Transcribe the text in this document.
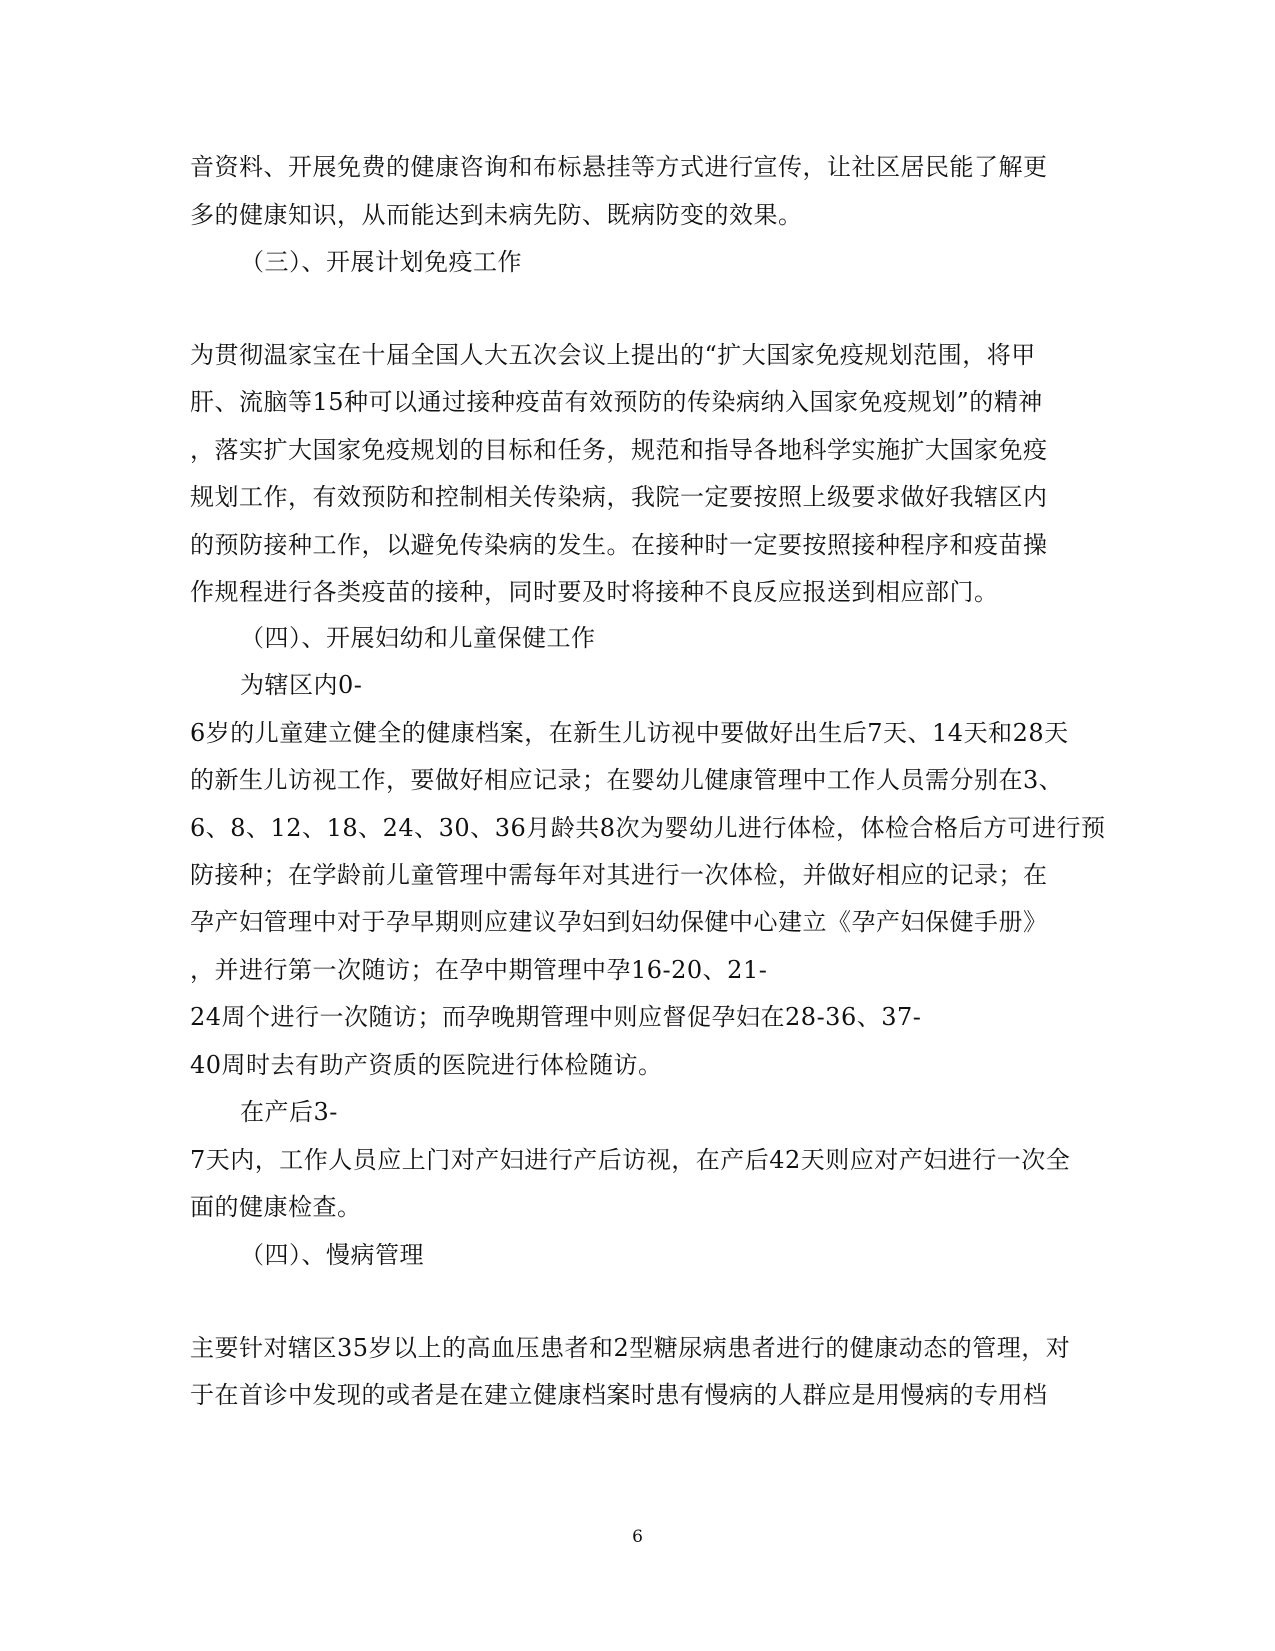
音资料、开展免费的健康咨询和布标悬挂等方式进行宣传，让社区居民能了解更
多的健康知识，从而能达到未病先防、既病防变的效果。
（三）、开展计划免疫工作
为贯彻温家宝在十届全国人大五次会议上提出的“扩大国家免疫规划范围，将甲
肝、流脑等15种可以通过接种疫苗有效预防的传染病纳入国家免疫规划”的精神
，落实扩大国家免疫规划的目标和任务，规范和指导各地科学实施扩大国家免疫
规划工作，有效预防和控制相关传染病，我院一定要按照上级要求做好我辖区内
的预防接种工作，以避免传染病的发生。在接种时一定要按照接种程序和疫苗操
作规程进行各类疫苗的接种，同时要及时将接种不良反应报送到相应部门。
（四）、开展妇幼和儿童保健工作
为辖区内0-
6岁的儿童建立健全的健康档案，在新生儿访视中要做好出生后7天、14天和28天
的新生儿访视工作，要做好相应记录；在婴幼儿健康管理中工作人员需分别在3、
6、8、12、18、24、30、36月龄共8次为婴幼儿进行体检，体检合格后方可进行预
防接种；在学龄前儿童管理中需每年对其进行一次体检，并做好相应的记录；在
孕产妇管理中对于孕早期则应建议孕妇到妇幼保健中心建立《孕产妇保健手册》
，并进行第一次随访；在孕中期管理中孕16-20、21-
24周个进行一次随访；而孕晚期管理中则应督促孕妇在28-36、37-
40周时去有助产资质的医院进行体检随访。
在产后3-
7天内，工作人员应上门对产妇进行产后访视，在产后42天则应对产妇进行一次全
面的健康检查。
（四）、慢病管理
主要针对辖区35岁以上的高血压患者和2型糖尿病患者进行的健康动态的管理，对
于在首诊中发现的或者是在建立健康档案时患有慢病的人群应是用慢病的专用档
6
